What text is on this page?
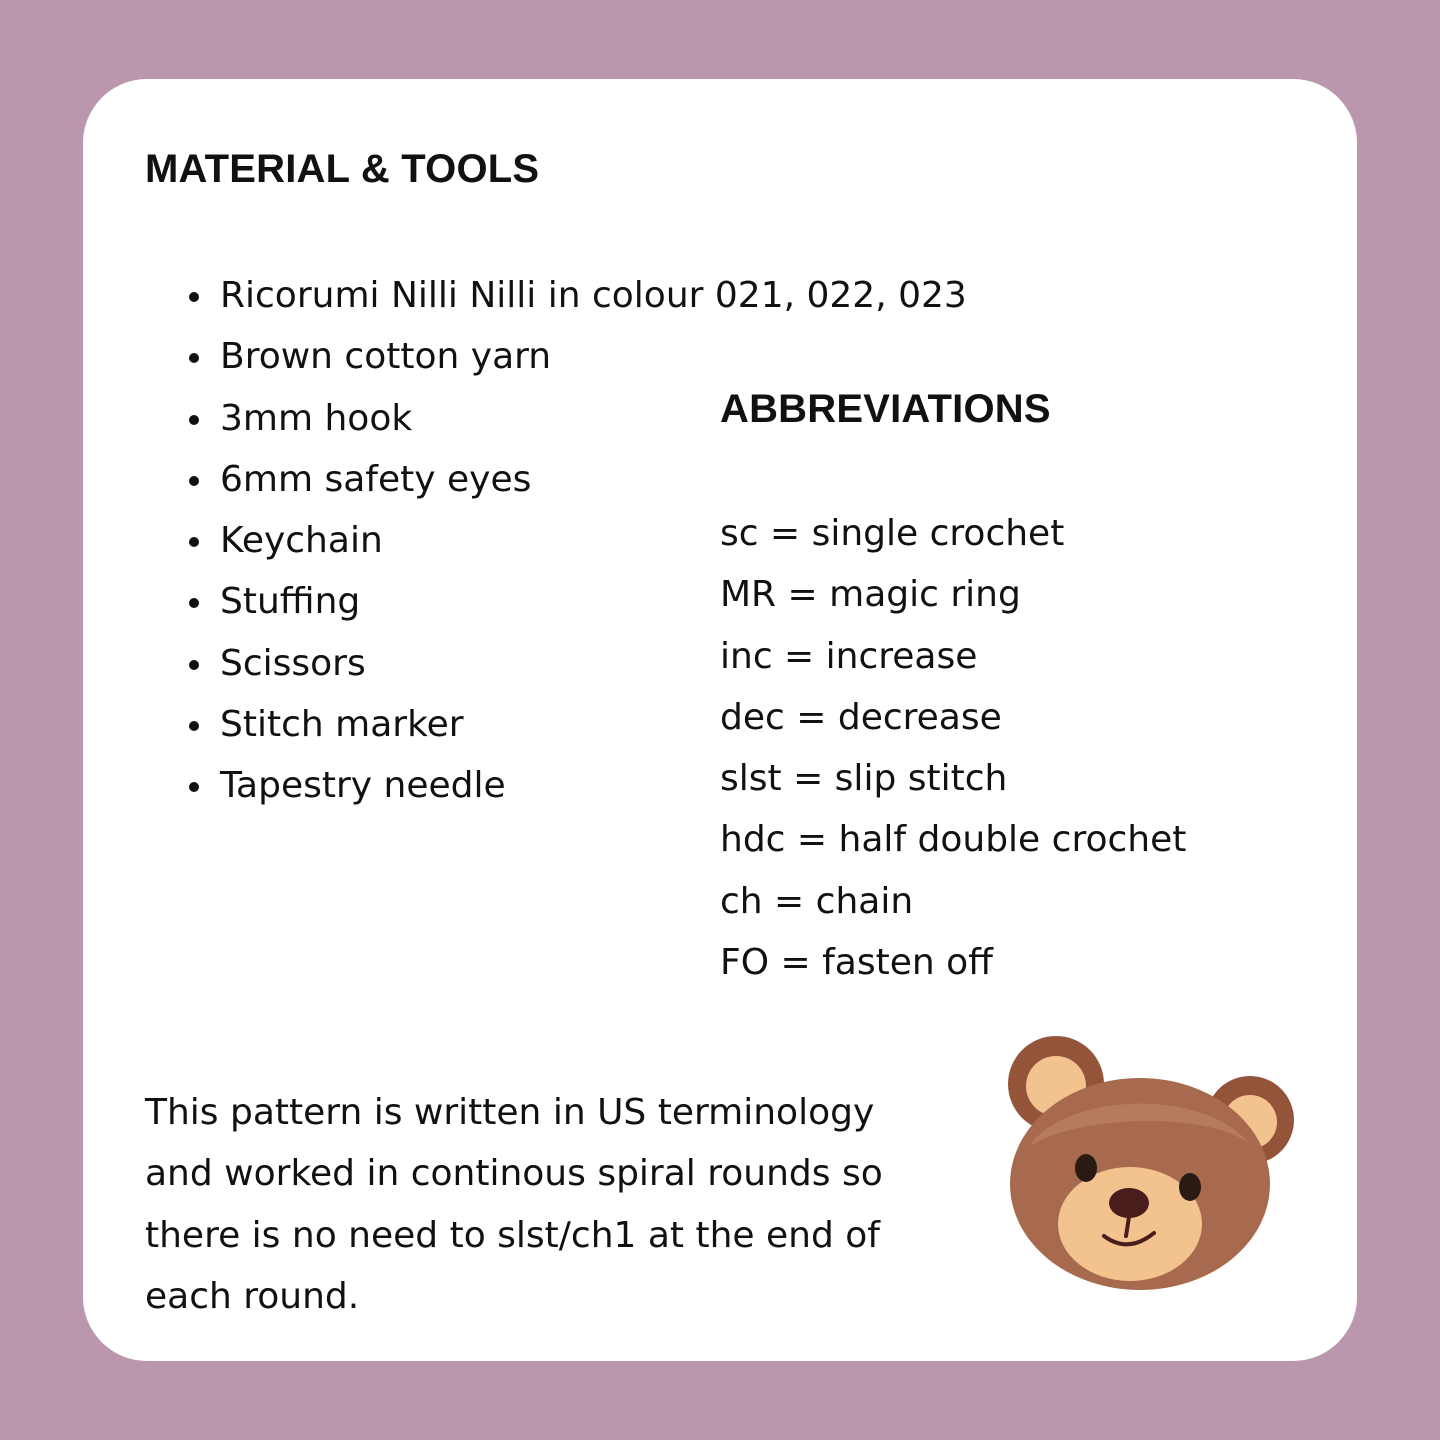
MATERIAL & TOOLS
Ricorumi Nilli Nilli in colour 021, 022, 023
Brown cotton yarn
3mm hook
6mm safety eyes
Keychain
Stuffing
Scissors
Stitch marker
Tapestry needle
ABBREVIATIONS
sc = single crochet
MR = magic ring
inc = increase
dec = decrease
slst = slip stitch
hdc = half double crochet
ch = chain
FO = fasten off

This pattern is written in US terminology and worked in continous spiral rounds so there is no need to slst/ch1 at the end of each round.
